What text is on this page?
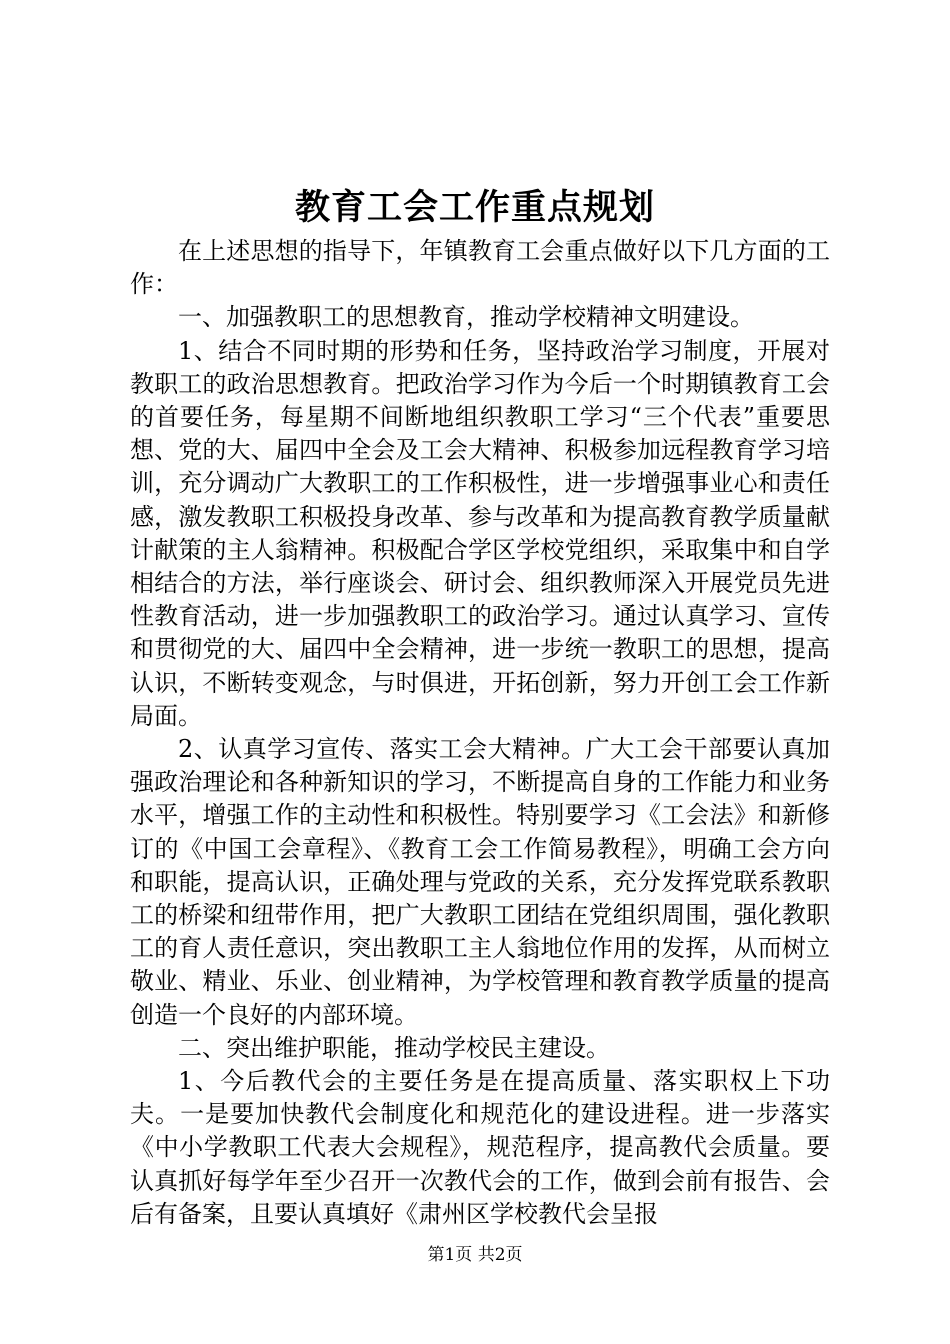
教育工会工作重点规划

在上述思想的指导下，年镇教育工会重点做好以下几方面的工作：

一、加强教职工的思想教育，推动学校精神文明建设。

1、结合不同时期的形势和任务，坚持政治学习制度，开展对教职工的政治思想教育。把政治学习作为今后一个时期镇教育工会的首要任务，每星期不间断地组织教职工学习“三个代表”重要思想、党的大、届四中全会及工会大精神、积极参加远程教育学习培训，充分调动广大教职工的工作积极性，进一步增强事业心和责任感，激发教职工积极投身改革、参与改革和为提高教育教学质量献计献策的主人翁精神。积极配合学区学校党组织，采取集中和自学相结合的方法，举行座谈会、研讨会、组织教师深入开展党员先进性教育活动，进一步加强教职工的政治学习。通过认真学习、宣传和贯彻党的大、届四中全会精神，进一步统一教职工的思想，提高认识，不断转变观念，与时俱进，开拓创新，努力开创工会工作新局面。

2、认真学习宣传、落实工会大精神。广大工会干部要认真加强政治理论和各种新知识的学习，不断提高自身的工作能力和业务水平，增强工作的主动性和积极性。特别要学习《工会法》和新修订的《中国工会章程》、《教育工会工作简易教程》，明确工会方向和职能，提高认识，正确处理与党政的关系，充分发挥党联系教职工的桥梁和纽带作用，把广大教职工团结在党组织周围，强化教职工的育人责任意识，突出教职工主人翁地位作用的发挥，从而树立敬业、精业、乐业、创业精神，为学校管理和教育教学质量的提高创造一个良好的内部环境。

二、突出维护职能，推动学校民主建设。

1、今后教代会的主要任务是在提高质量、落实职权上下功夫。一是要加快教代会制度化和规范化的建设进程。进一步落实《中小学教职工代表大会规程》，规范程序，提高教代会质量。要认真抓好每学年至少召开一次教代会的工作，做到会前有报告、会后有备案，且要认真填好《肃州区学校教代会呈报

第1页 共2页
